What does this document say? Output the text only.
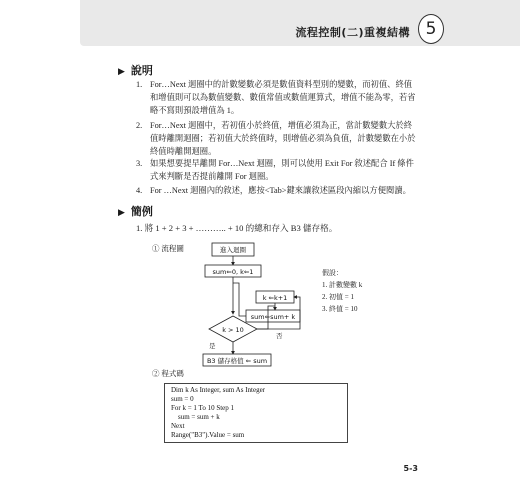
流程控制(二)重複結構 5
▶ 說明
1. For…Next 迴圈中的計數變數必須是數值資料型別的變數，而初值、終值和增值則可以為數值變數、數值常值或數值運算式，增值不能為零，若省略不寫則預設增值為 1。
2. For…Next 迴圈中，若初值小於終值，增值必須為正，當計數變數大於終值時離開迴圈；若初值大於終值時，則增值必須為負值，計數變數在小於終值時離開迴圈。
3. 如果想要提早離開 For…Next 迴圈，則可以使用 Exit For 敘述配合 If 條件式來判斷是否提前離開 For 迴圈。
4. For …Next 迴圈內的敘述，應按<Tab>鍵來讓敘述區段內縮以方便閱讀。
▶ 簡例
1. 將 1 + 2 + 3 + ……….. + 10 的總和存入 B3 儲存格。
① 流程圖	進入迴圈
sum⇐0, k⇐1
k ⇐k+1
sum⇐sum+ k
k > 10
否
是
B3 儲存格值 ⇐ sum
假設：
1. 計數變數 k
2. 初值 = 1
3. 終值 = 10
② 程式碼
Dim k As Integer, sum As Integer
sum = 0
For k = 1 To 10 Step 1
sum = sum + k
Next
Range("B3").Value = sum
5-3
